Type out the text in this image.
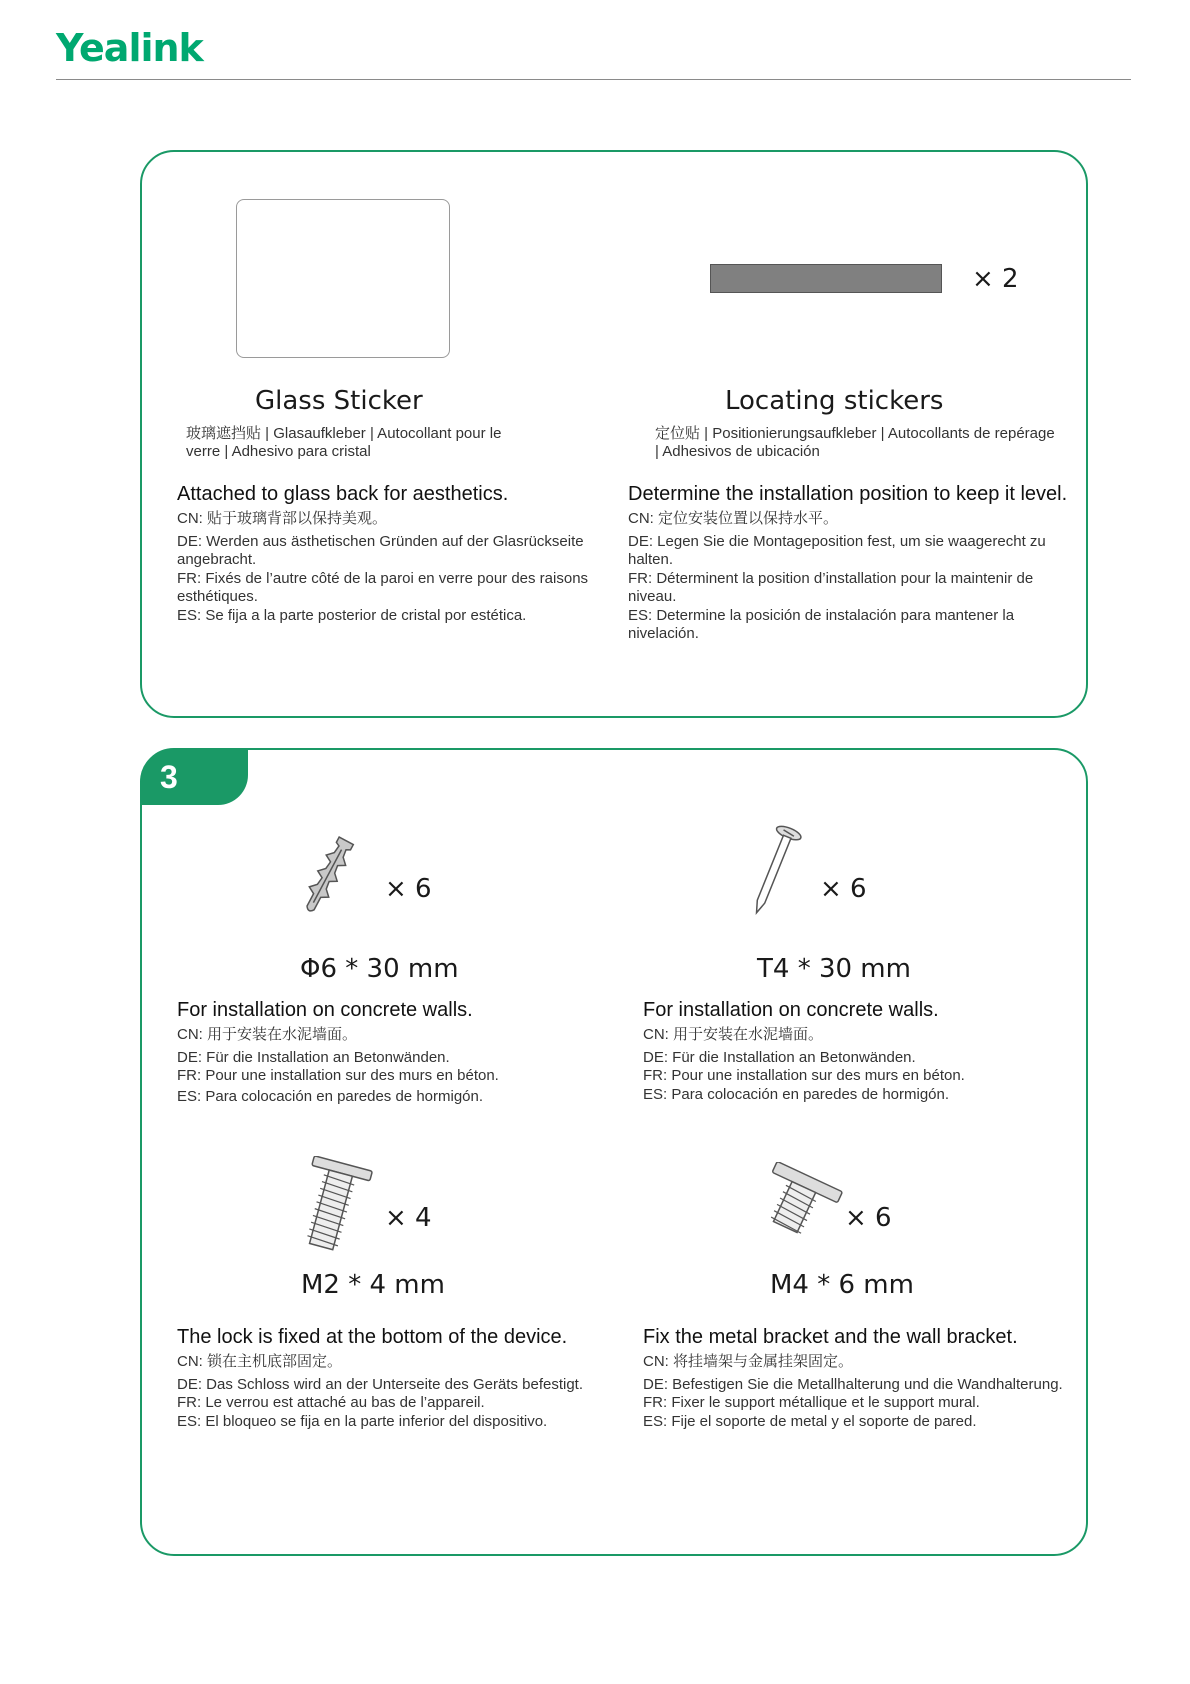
Yealink
Glass Sticker
玻璃遮挡贴 | Glasaufkleber | Autocollant pour le
verre | Adhesivo para cristal
Attached to glass back for aesthetics.
CN: 贴于玻璃背部以保持美观。
DE: Werden aus ästhetischen Gründen auf der Glasrückseite
angebracht.
FR: Fixés de l’autre côté de la paroi en verre pour des raisons
esthétiques.
ES: Se fija a la parte posterior de cristal por estética.
× 2
Locating stickers
定位贴 | Positionierungsaufkleber | Autocollants de repérage
| Adhesivos de ubicación
Determine the installation position to keep it level.
CN: 定位安装位置以保持水平。
DE: Legen Sie die Montageposition fest, um sie waagerecht zu
halten.
FR: Déterminent la position d’installation pour la maintenir de
niveau.
ES: Determine la posición de instalación para mantener la
nivelación.
3
× 6
Φ6 * 30 mm
For installation on concrete walls.
CN: 用于安装在水泥墙面。
DE: Für die Installation an Betonwänden.
FR: Pour une installation sur des murs en béton.
ES: Para colocación en paredes de hormigón.
× 6
T4 * 30 mm
For installation on concrete walls.
CN: 用于安装在水泥墙面。
DE: Für die Installation an Betonwänden.
FR: Pour une installation sur des murs en béton.
ES: Para colocación en paredes de hormigón.
× 4
M2 * 4 mm
The lock is fixed at the bottom of the device.
CN: 锁在主机底部固定。
DE: Das Schloss wird an der Unterseite des Geräts befestigt.
FR: Le verrou est attaché au bas de l’appareil.
ES: El bloqueo se fija en la parte inferior del dispositivo.
× 6
M4 * 6 mm
Fix the metal bracket and the wall bracket.
CN: 将挂墙架与金属挂架固定。
DE: Befestigen Sie die Metallhalterung und die Wandhalterung.
FR: Fixer le support métallique et le support mural.
ES: Fije el soporte de metal y el soporte de pared.
